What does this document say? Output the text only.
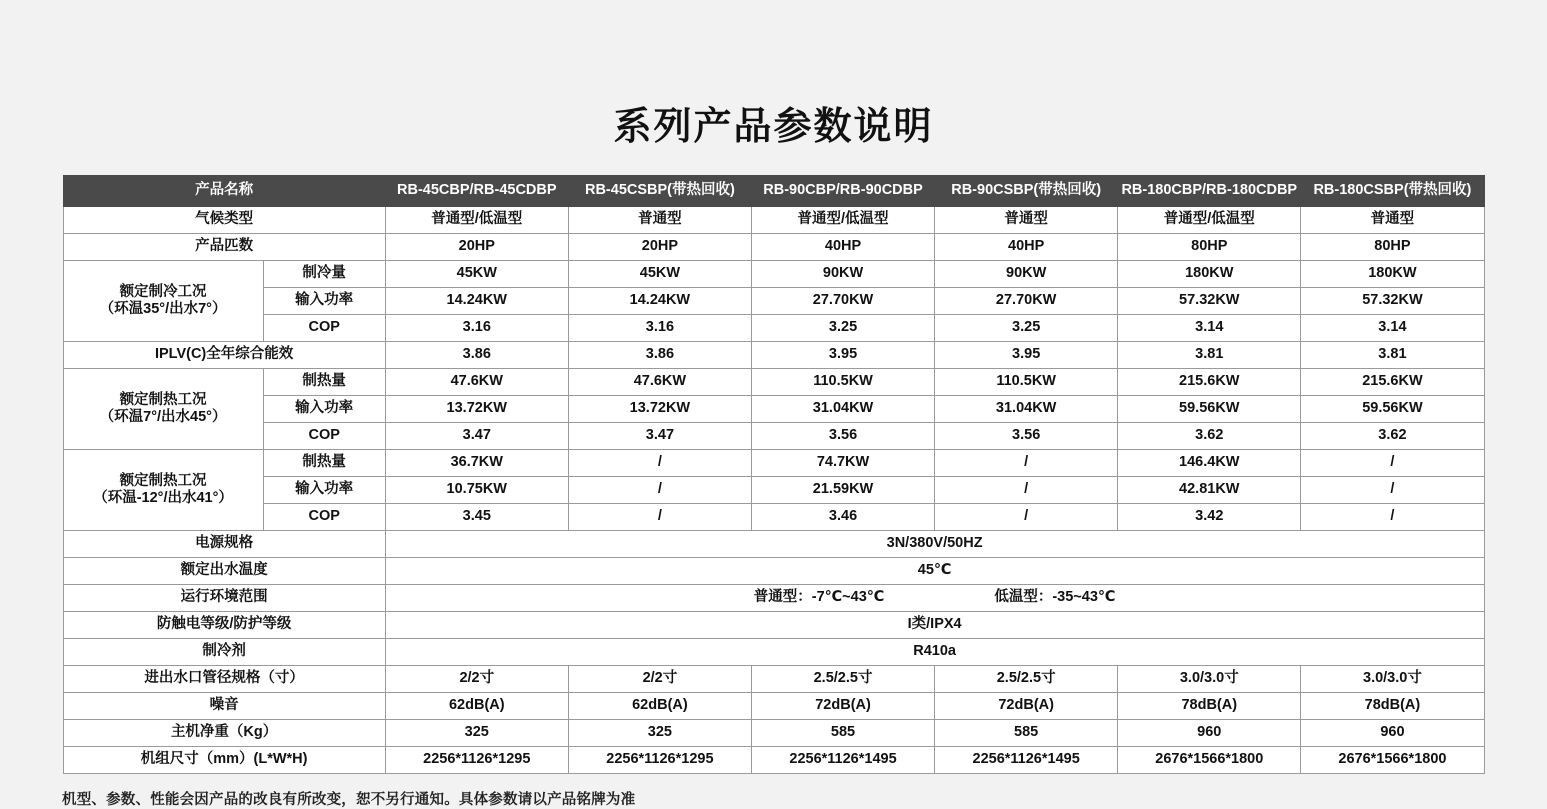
系列产品参数说明
产品名称		RB-45CBP/RB-45CDBP	RB-45CSBP(带热回收)	RB-90CBP/RB-90CDBP	RB-90CSBP(带热回收)	RB-180CBP/RB-180CDBP	RB-180CSBP(带热回收)
气候类型		普通型/低温型	普通型	普通型/低温型	普通型	普通型/低温型	普通型
产品匹数		20HP	20HP	40HP	40HP	80HP	80HP

额定制冷工况
（环温35°/出水7°）	制冷量	45KW	45KW	90KW	90KW	180KW	180KW
	输入功率	14.24KW	14.24KW	27.70KW	27.70KW	57.32KW	57.32KW
	COP	3.16	3.16	3.25	3.25	3.14	3.14
IPLV(C)全年综合能效		3.86	3.86	3.95	3.95	3.81	3.81

额定制热工况
（环温7°/出水45°）	制热量	47.6KW	47.6KW	110.5KW	110.5KW	215.6KW	215.6KW
	输入功率	13.72KW	13.72KW	31.04KW	31.04KW	59.56KW	59.56KW
	COP	3.47	3.47	3.56	3.56	3.62	3.62

额定制热工况
（环温-12°/出水41°）	制热量	36.7KW	/	74.7KW	/	146.4KW	/
	输入功率	10.75KW	/	21.59KW	/	42.81KW	/
	COP	3.45	/	3.46	/	3.42	/
电源规格		3N/380V/50HZ					
额定出水温度		45℃					
运行环境范围		普通型：-7℃~43℃ 低温型：-35~43℃					
防触电等级/防护等级		I类/IPX4					
制冷剂		R410a					
进出水口管径规格（寸）		2/2寸	2/2寸	2.5/2.5寸	2.5/2.5寸	3.0/3.0寸	3.0/3.0寸
噪音		62dB(A)	62dB(A)	72dB(A)	72dB(A)	78dB(A)	78dB(A)
主机净重（Kg）		325	325	585	585	960	960
机组尺寸（mm）(L*W*H)		2256*1126*1295	2256*1126*1295	2256*1126*1495	2256*1126*1495	2676*1566*1800	2676*1566*1800
机型、参数、性能会因产品的改良有所改变，恕不另行通知。具体参数请以产品铭牌为准
